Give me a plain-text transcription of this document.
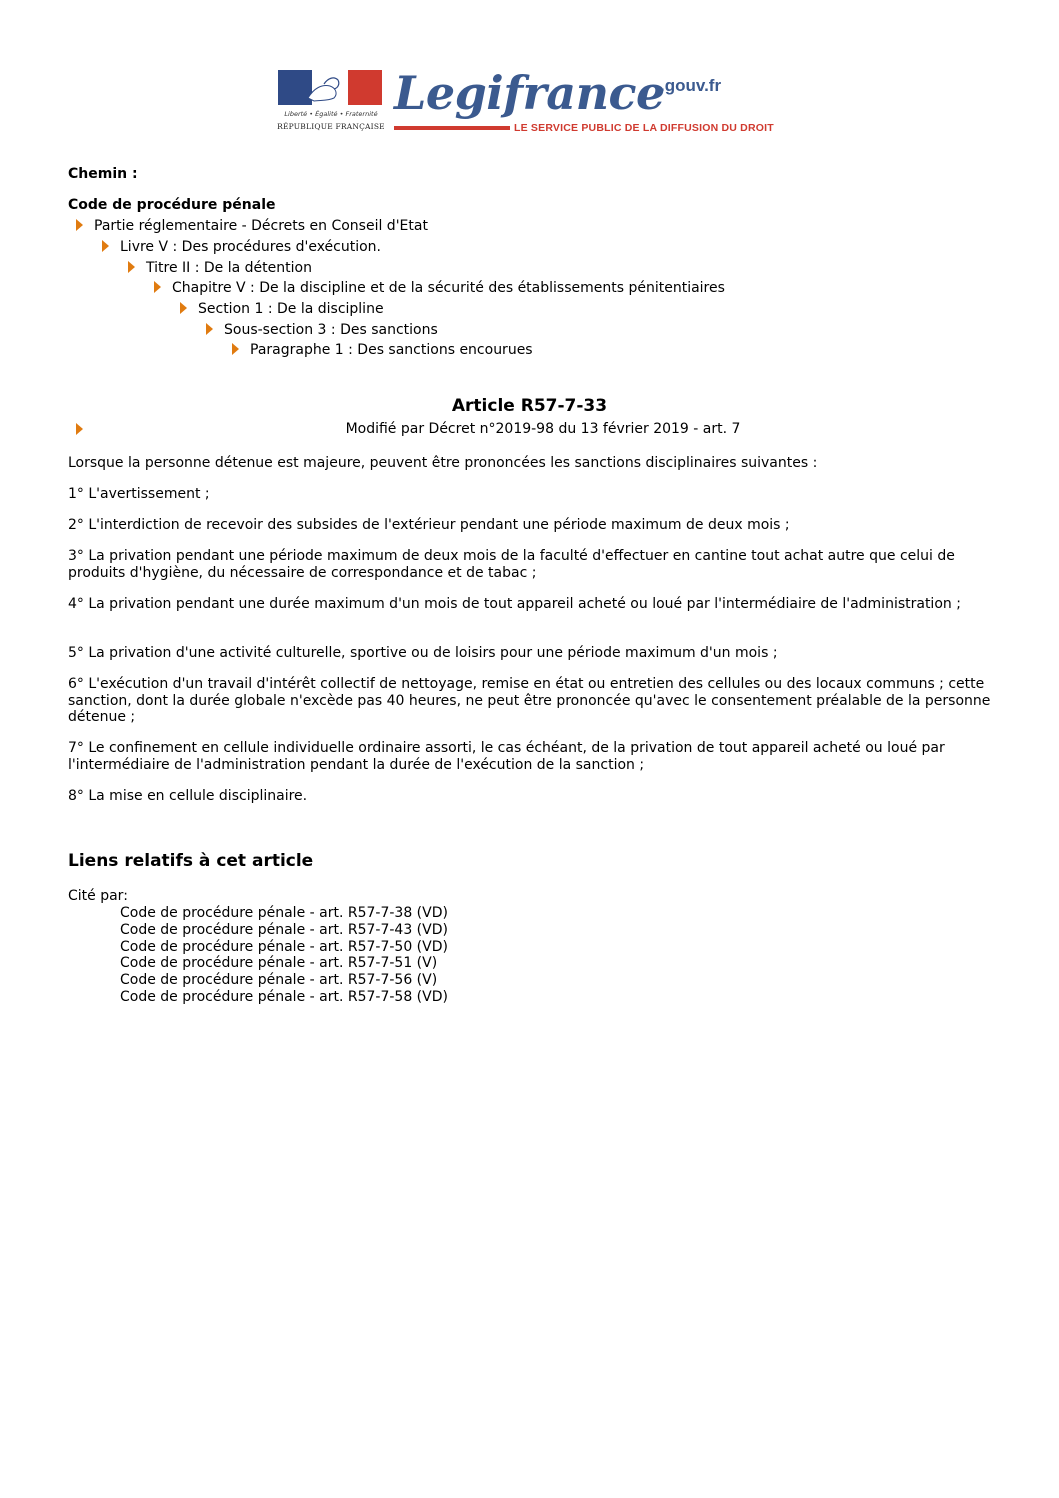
Liberté • Égalité • Fraternité
RÉPUBLIQUE FRANÇAISE
Legifrance
.gouv.fr
LE SERVICE PUBLIC DE LA DIFFUSION DU DROIT
Chemin :
Code de procédure pénale
Partie réglementaire - Décrets en Conseil d'Etat
Livre V : Des procédures d'exécution.
Titre II : De la détention
Chapitre V : De la discipline et de la sécurité des établissements pénitentiaires
Section 1 : De la discipline
Sous-section 3 : Des sanctions
Paragraphe 1 : Des sanctions encourues
Article R57-7-33
Modifié par Décret n°2019-98 du 13 février 2019 - art. 7
Lorsque la personne détenue est majeure, peuvent être prononcées les sanctions disciplinaires suivantes :
1° L'avertissement ;
2° L'interdiction de recevoir des subsides de l'extérieur pendant une période maximum de deux mois ;
3° La privation pendant une période maximum de deux mois de la faculté d'effectuer en cantine tout achat autre que celui de produits d'hygiène, du nécessaire de correspondance et de tabac ;
4° La privation pendant une durée maximum d'un mois de tout appareil acheté ou loué par l'intermédiaire de l'administration ;
5° La privation d'une activité culturelle, sportive ou de loisirs pour une période maximum d'un mois ;
6° L'exécution d'un travail d'intérêt collectif de nettoyage, remise en état ou entretien des cellules ou des locaux communs ; cette sanction, dont la durée globale n'excède pas 40 heures, ne peut être prononcée qu'avec le consentement préalable de la personne détenue ;
7° Le confinement en cellule individuelle ordinaire assorti, le cas échéant, de la privation de tout appareil acheté ou loué par l'intermédiaire de l'administration pendant la durée de l'exécution de la sanction ;
8° La mise en cellule disciplinaire.
Liens relatifs à cet article
Cité par:
Code de procédure pénale - art. R57-7-38 (VD)
Code de procédure pénale - art. R57-7-43 (VD)
Code de procédure pénale - art. R57-7-50 (VD)
Code de procédure pénale - art. R57-7-51 (V)
Code de procédure pénale - art. R57-7-56 (V)
Code de procédure pénale - art. R57-7-58 (VD)
